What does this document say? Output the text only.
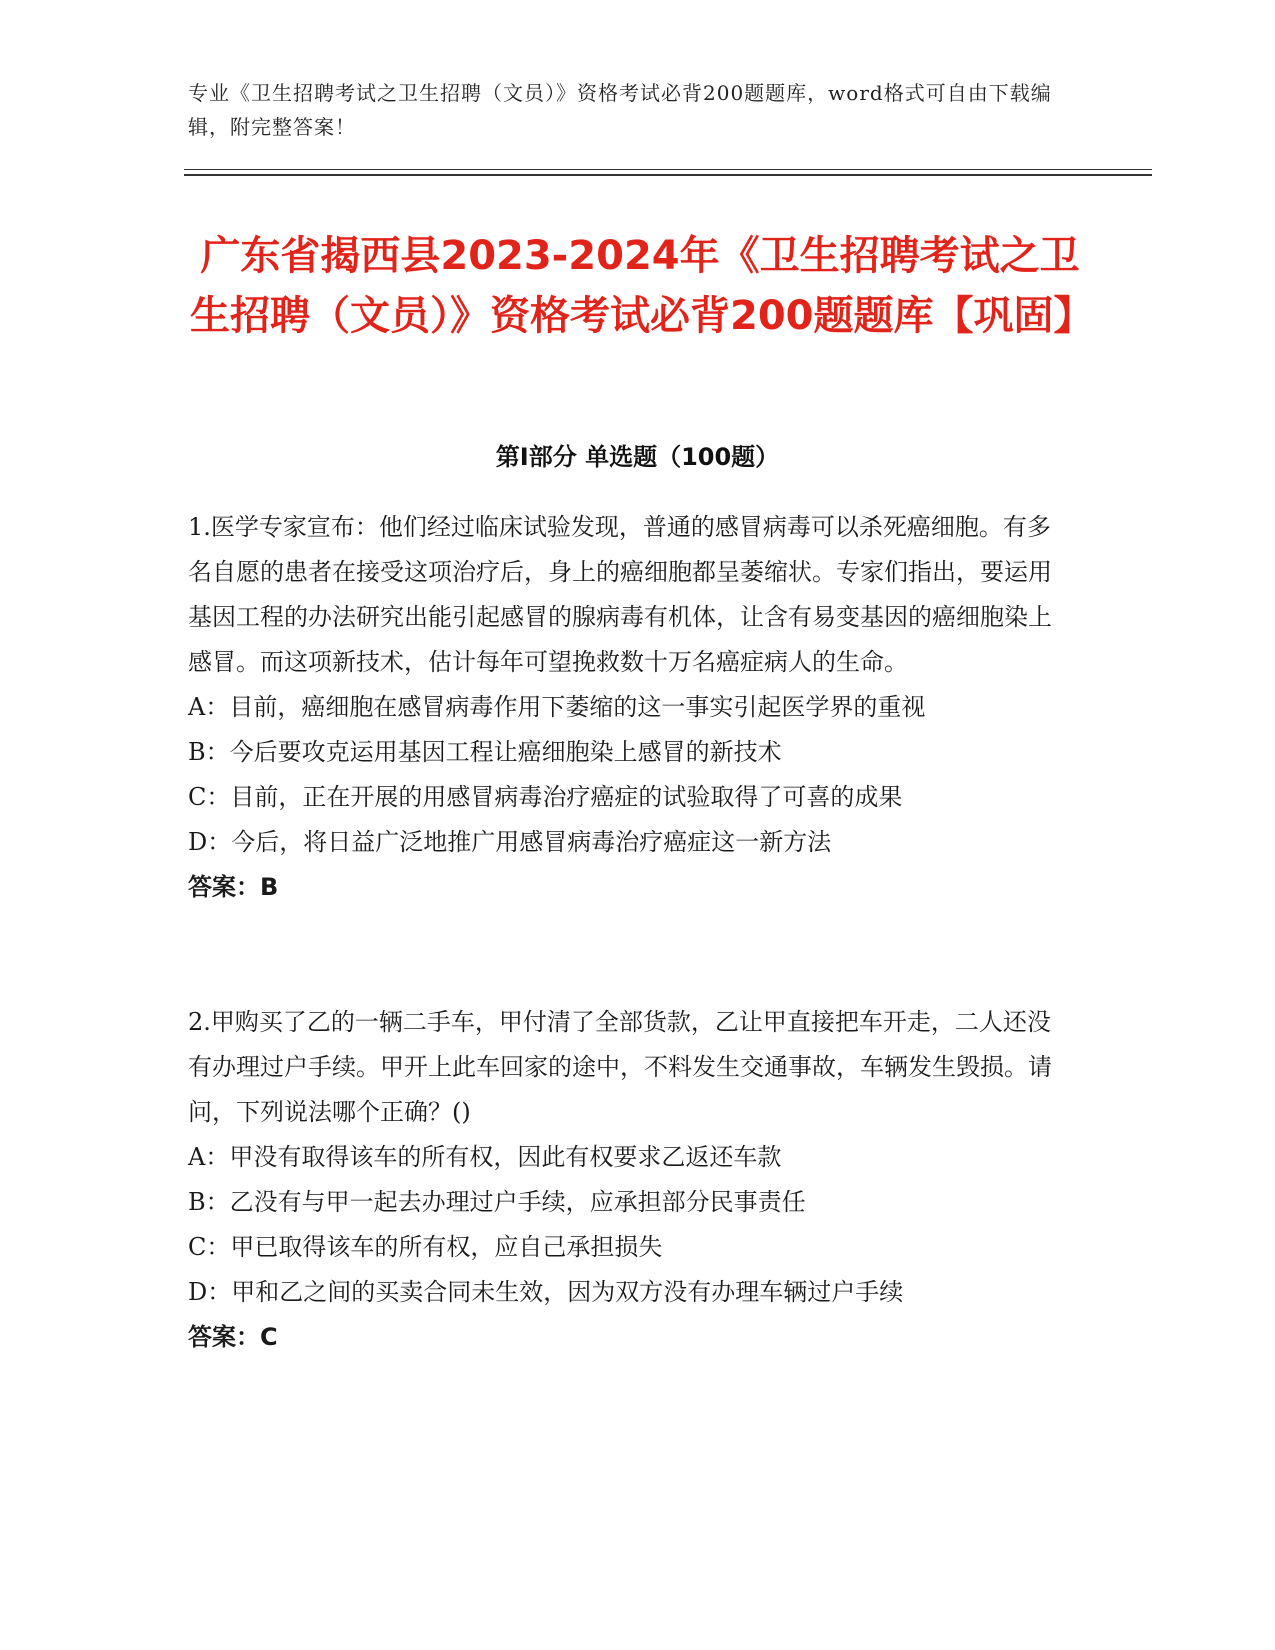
专业《卫生招聘考试之卫生招聘（文员）》资格考试必背200题题库，word格式可自由下载编辑，附完整答案！
广东省揭西县2023-2024年《卫生招聘考试之卫生招聘（文员）》资格考试必背200题题库【巩固】
第Ⅰ部分 单选题（100题）

1.医学专家宣布：他们经过临床试验发现，普通的感冒病毒可以杀死癌细胞。有多名自愿的患者在接受这项治疗后，身上的癌细胞都呈萎缩状。专家们指出，要运用基因工程的办法研究出能引起感冒的腺病毒有机体，让含有易变基因的癌细胞染上感冒。而这项新技术，估计每年可望挽救数十万名癌症病人的生命。

A：目前，癌细胞在感冒病毒作用下萎缩的这一事实引起医学界的重视

B：今后要攻克运用基因工程让癌细胞染上感冒的新技术

C：目前，正在开展的用感冒病毒治疗癌症的试验取得了可喜的成果

D：今后，将日益广泛地推广用感冒病毒治疗癌症这一新方法

答案：B

2.甲购买了乙的一辆二手车，甲付清了全部货款，乙让甲直接把车开走，二人还没有办理过户手续。甲开上此车回家的途中，不料发生交通事故，车辆发生毁损。请问，下列说法哪个正确？()

A：甲没有取得该车的所有权，因此有权要求乙返还车款

B：乙没有与甲一起去办理过户手续，应承担部分民事责任

C：甲已取得该车的所有权，应自己承担损失

D：甲和乙之间的买卖合同未生效，因为双方没有办理车辆过户手续

答案：C
